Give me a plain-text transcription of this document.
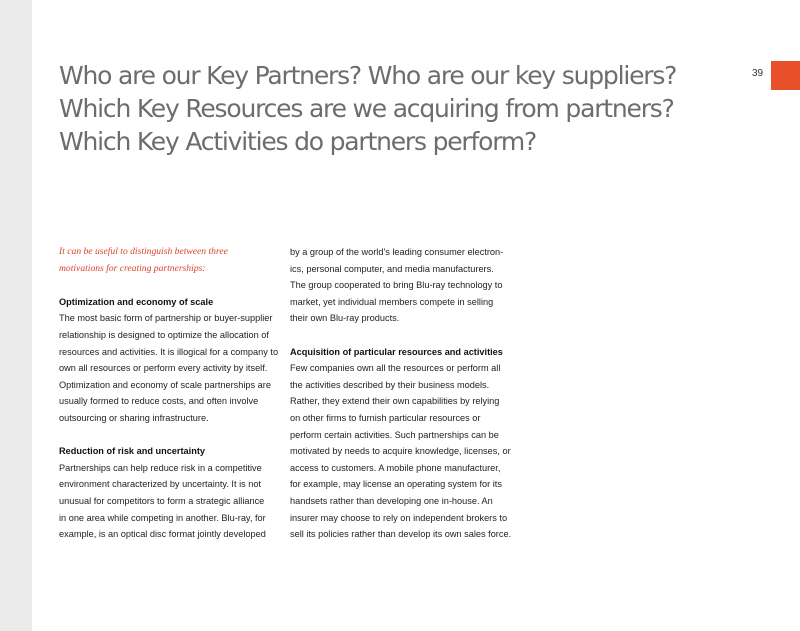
39
Who are our Key Partners? Who are our key suppliers?
Which Key Resources are we acquiring from partners?
Which Key Activities do partners perform?
It can be useful to distinguish between three
motivations for creating partnerships:
Optimization and economy of scale
The most basic form of partnership or buyer-supplier
relationship is designed to optimize the allocation of
resources and activities. It is illogical for a company to
own all resources or perform every activity by itself.
Optimization and economy of scale partnerships are
usually formed to reduce costs, and often involve
outsourcing or sharing infrastructure.
Reduction of risk and uncertainty
Partnerships can help reduce risk in a competitive
environment characterized by uncertainty. It is not
unusual for competitors to form a strategic alliance
in one area while competing in another. Blu-ray, for
example, is an optical disc format jointly developed
by a group of the world's leading consumer electron-
ics, personal computer, and media manufacturers.
The group cooperated to bring Blu-ray technology to
market, yet individual members compete in selling
their own Blu-ray products.
Acquisition of particular resources and activities
Few companies own all the resources or perform all
the activities described by their business models.
Rather, they extend their own capabilities by relying
on other firms to furnish particular resources or
perform certain activities. Such partnerships can be
motivated by needs to acquire knowledge, licenses, or
access to customers. A mobile phone manufacturer,
for example, may license an operating system for its
handsets rather than developing one in-house. An
insurer may choose to rely on independent brokers to
sell its policies rather than develop its own sales force.
